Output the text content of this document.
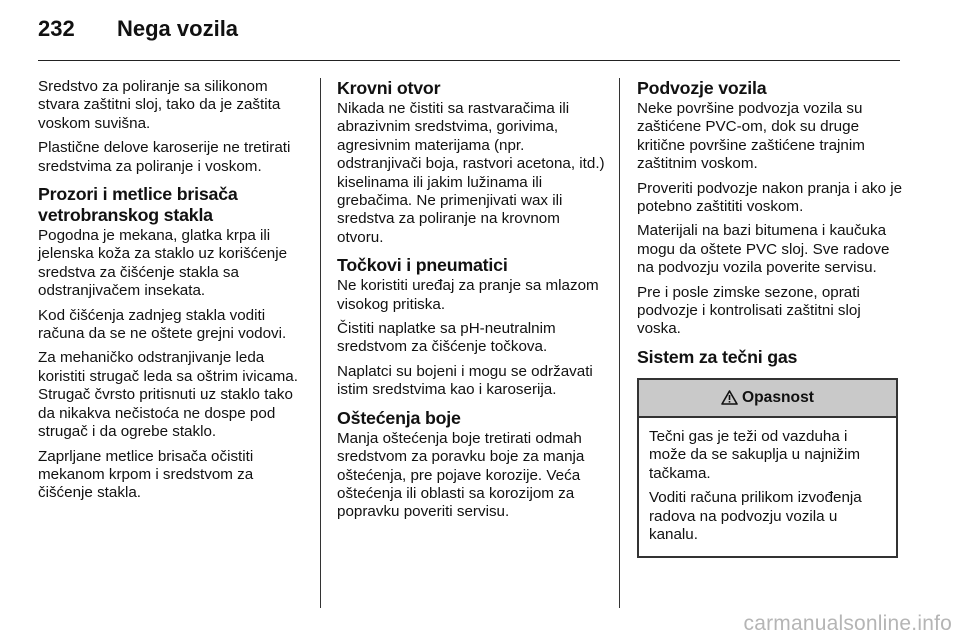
232 Nega vozila

Sredstvo za poliranje sa silikonom stvara zaštitni sloj, tako da je zaštita voskom suvišna.

Plastične delove karoserije ne tretirati sredstvima za poliranje i voskom.

Prozori i metlice brisača vetrobranskog stakla

Pogodna je mekana, glatka krpa ili jelenska koža za staklo uz korišćenje sredstva za čišćenje stakla sa odstranjivačem insekata.

Kod čišćenja zadnjeg stakla voditi računa da se ne oštete grejni vodovi.

Za mehaničko odstranjivanje leda koristiti strugač leda sa oštrim ivicama. Strugač čvrsto pritisnuti uz staklo tako da nikakva nečistoća ne dospe pod strugač i da ogrebe staklo.

Zaprljane metlice brisača očistiti mekanom krpom i sredstvom za čišćenje stakla.

Krovni otvor

Nikada ne čistiti sa rastvaračima ili abrazivnim sredstvima, gorivima, agresivnim materijama (npr. odstranjivači boja, rastvori acetona, itd.) kiselinama ili jakim lužinama ili grebačima. Ne primenjivati wax ili sredstva za poliranje na krovnom otvoru.

Točkovi i pneumatici

Ne koristiti uređaj za pranje sa mlazom visokog pritiska.

Čistiti naplatke sa pH-neutralnim sredstvom za čišćenje točkova.

Naplatci su bojeni i mogu se održavati istim sredstvima kao i karoserija.

Oštećenja boje

Manja oštećenja boje tretirati odmah sredstvom za poravku boje za manja oštećenja, pre pojave korozije. Veća oštećenja ili oblasti sa korozijom za popravku poveriti servisu.

Podvozje vozila

Neke površine podvozja vozila su zaštićene PVC-om, dok su druge kritične površine zaštićene trajnim zaštitnim voskom.

Proveriti podvozje nakon pranja i ako je potebno zaštititi voskom.

Materijali na bazi bitumena i kaučuka mogu da oštete PVC sloj. Sve radove na podvozju vozila poverite servisu.

Pre i posle zimske sezone, oprati podvozje i kontrolisati zaštitni sloj voska.

Sistem za tečni gas
Opasnost

Tečni gas je teži od vazduha i može da se sakuplja u najnižim tačkama.

Voditi računa prilikom izvođenja radova na podvozju vozila u kanalu.

carmanualsonline.info
